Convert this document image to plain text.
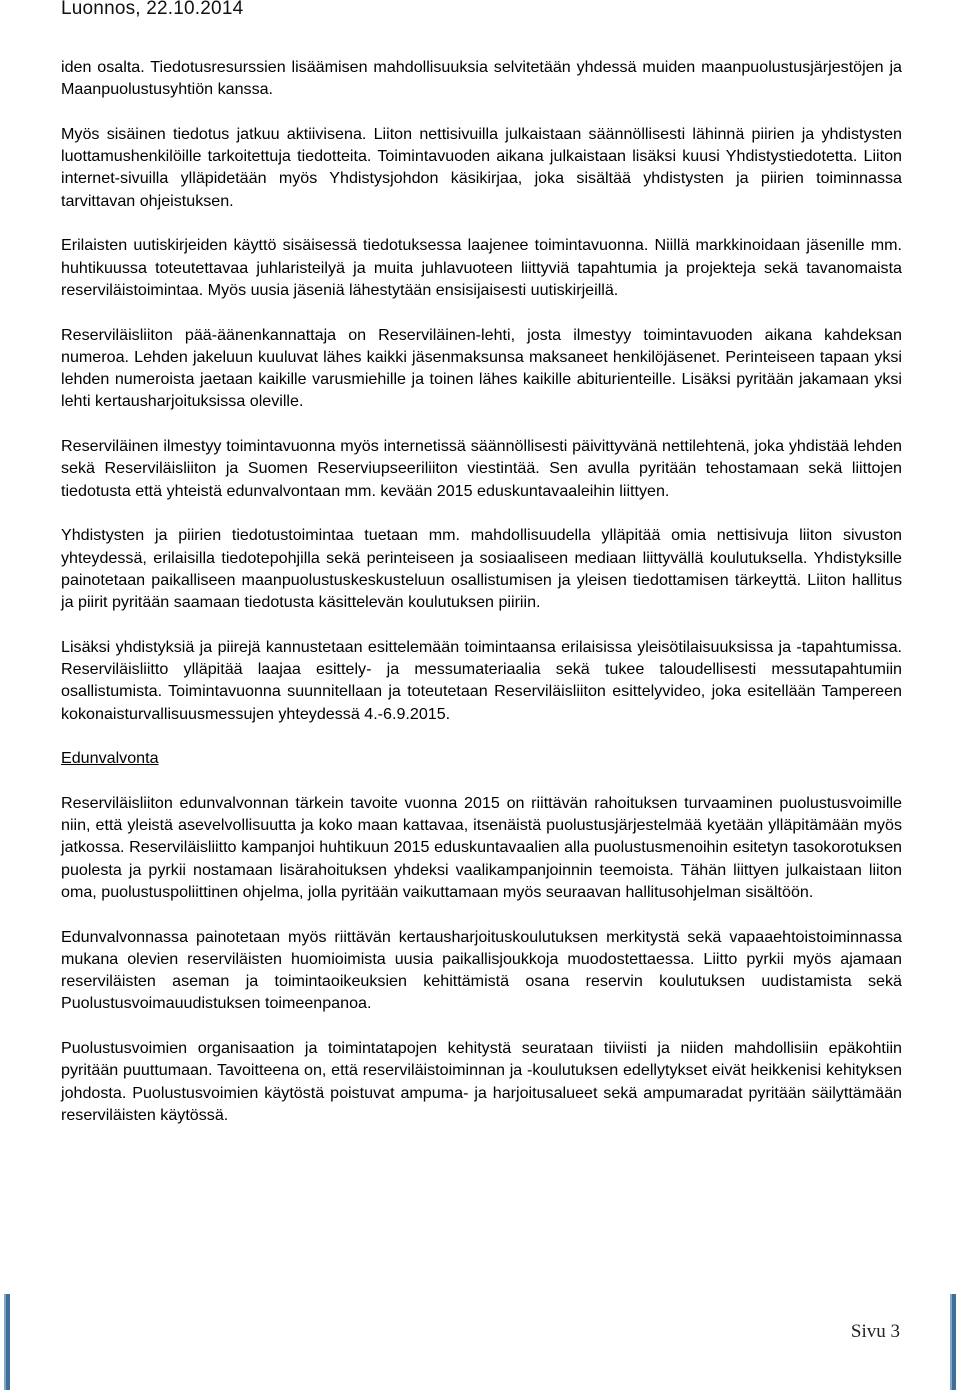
Luonnos, 22.10.2014

iden osalta. Tiedotusresurssien lisäämisen mahdollisuuksia selvitetään yhdessä muiden maanpuolustusjärjestöjen ja Maanpuolustusyhtiön kanssa.

Myös sisäinen tiedotus jatkuu aktiivisena. Liiton nettisivuilla julkaistaan säännöllisesti lähinnä piirien ja yhdistysten luottamushenkilöille tarkoitettuja tiedotteita. Toimintavuoden aikana julkaistaan lisäksi kuusi Yhdistystiedotetta. Liiton internet-sivuilla ylläpidetään myös Yhdistysjohdon käsikirjaa, joka sisältää yhdistysten ja piirien toiminnassa tarvittavan ohjeistuksen.

Erilaisten uutiskirjeiden käyttö sisäisessä tiedotuksessa laajenee toimintavuonna. Niillä markkinoidaan jäsenille mm. huhtikuussa toteutettavaa juhlaristeilyä ja muita juhlavuoteen liittyviä tapahtumia ja projekteja sekä tavanomaista reserviläistoimintaa. Myös uusia jäseniä lähestytään ensisijaisesti uutiskirjeillä.

Reserviläisliiton pää-äänenkannattaja on Reserviläinen-lehti, josta ilmestyy toimintavuoden aikana kahdeksan numeroa. Lehden jakeluun kuuluvat lähes kaikki jäsenmaksunsa maksaneet henkilöjäsenet. Perinteiseen tapaan yksi lehden numeroista jaetaan kaikille varusmiehille ja toinen lähes kaikille abiturienteille. Lisäksi pyritään jakamaan yksi lehti kertausharjoituksissa oleville.

Reserviläinen ilmestyy toimintavuonna myös internetissä säännöllisesti päivittyvänä nettilehtenä, joka yhdistää lehden sekä Reserviläisliiton ja Suomen Reserviupseeriliiton viestintää. Sen avulla pyritään tehostamaan sekä liittojen tiedotusta että yhteistä edunvalvontaan mm. kevään 2015 eduskuntavaaleihin liittyen.

Yhdistysten ja piirien tiedotustoimintaa tuetaan mm. mahdollisuudella ylläpitää omia nettisivuja liiton sivuston yhteydessä, erilaisilla tiedotepohjilla sekä perinteiseen ja sosiaaliseen mediaan liittyvällä koulutuksella. Yhdistyksille painotetaan paikalliseen maanpuolustuskeskusteluun osallistumisen ja yleisen tiedottamisen tärkeyttä. Liiton hallitus ja piirit pyritään saamaan tiedotusta käsittelevän koulutuksen piiriin.

Lisäksi yhdistyksiä ja piirejä kannustetaan esittelemään toimintaansa erilaisissa yleisötilaisuuksissa ja -tapahtumissa. Reserviläisliitto ylläpitää laajaa esittely- ja messumateriaalia sekä tukee taloudellisesti messutapahtumiin osallistumista. Toimintavuonna suunnitellaan ja toteutetaan Reserviläisliiton esittelyvideo, joka esitellään Tampereen kokonaisturvallisuusmessujen yhteydessä 4.-6.9.2015.

Edunvalvonta

Reserviläisliiton edunvalvonnan tärkein tavoite vuonna 2015 on riittävän rahoituksen turvaaminen puolustusvoimille niin, että yleistä asevelvollisuutta ja koko maan kattavaa, itsenäistä puolustusjärjestelmää kyetään ylläpitämään myös jatkossa. Reserviläisliitto kampanjoi huhtikuun 2015 eduskuntavaalien alla puolustusmenoihin esitetyn tasokorotuksen puolesta ja pyrkii nostamaan lisärahoituksen yhdeksi vaalikampanjoinnin teemoista. Tähän liittyen julkaistaan liiton oma, puolustuspoliittinen ohjelma, jolla pyritään vaikuttamaan myös seuraavan hallitusohjelman sisältöön.

Edunvalvonnassa painotetaan myös riittävän kertausharjoituskoulutuksen merkitystä sekä vapaaehtoistoiminnassa mukana olevien reserviläisten huomioimista uusia paikallisjoukkoja muodostettaessa. Liitto pyrkii myös ajamaan reserviläisten aseman ja toimintaoikeuksien kehittämistä osana reservin koulutuksen uudistamista sekä Puolustusvoimauudistuksen toimeenpanoa.

Puolustusvoimien organisaation ja toimintatapojen kehitystä seurataan tiiviisti ja niiden mahdollisiin epäkohtiin pyritään puuttumaan. Tavoitteena on, että reserviläistoiminnan ja -koulutuksen edellytykset eivät heikkenisi kehityksen johdosta. Puolustusvoimien käytöstä poistuvat ampuma- ja harjoitusalueet sekä ampumaradat pyritään säilyttämään reserviläisten käytössä.

Sivu 3
